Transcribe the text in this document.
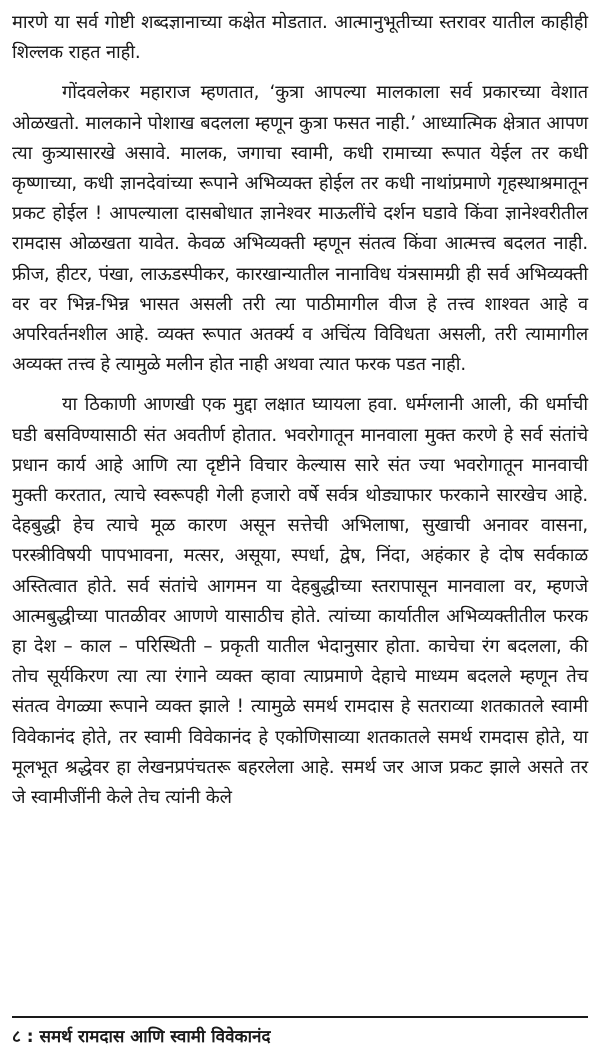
मारणे या सर्व गोष्टी शब्दज्ञानाच्या कक्षेत मोडतात. आत्मानुभूतीच्या स्तरावर यातील काहीही शिल्लक राहत नाही.

गोंदवलेकर महाराज म्हणतात, ‘कुत्रा आपल्या मालकाला सर्व प्रकारच्या वेशात ओळखतो. मालकाने पोशाख बदलला म्हणून कुत्रा फसत नाही.’ आध्यात्मिक क्षेत्रात आपण त्या कुत्र्यासारखे असावे. मालक, जगाचा स्वामी, कधी रामाच्या रूपात येईल तर कधी कृष्णाच्या, कधी ज्ञानदेवांच्या रूपाने अभिव्यक्त होईल तर कधी नाथांप्रमाणे गृहस्थाश्रमातून प्रकट होईल ! आपल्याला दासबोधात ज्ञानेश्वर माऊलींचे दर्शन घडावे किंवा ज्ञानेश्वरीतील रामदास ओळखता यावेत. केवळ अभिव्यक्ती म्हणून संतत्व किंवा आत्मत्त्व बदलत नाही. फ्रीज, हीटर, पंखा, लाऊडस्पीकर, कारखान्यातील नानाविध यंत्रसामग्री ही सर्व अभिव्यक्ती वर वर भिन्न-भिन्न भासत असली तरी त्या पाठीमागील वीज हे तत्त्व शाश्वत आहे व अपरिवर्तनशील आहे. व्यक्त रूपात अतर्क्य व अचिंत्य विविधता असली, तरी त्यामागील अव्यक्त तत्त्व हे त्यामुळे मलीन होत नाही अथवा त्यात फरक पडत नाही.

या ठिकाणी आणखी एक मुद्दा लक्षात घ्यायला हवा. धर्मग्लानी आली, की धर्माची घडी बसविण्यासाठी संत अवतीर्ण होतात. भवरोगातून मानवाला मुक्त करणे हे सर्व संतांचे प्रधान कार्य आहे आणि त्या दृष्टीने विचार केल्यास सारे संत ज्या भवरोगातून मानवाची मुक्ती करतात, त्याचे स्वरूपही गेली हजारो वर्षे सर्वत्र थोड्याफार फरकाने सारखेच आहे. देहबुद्धी हेच त्याचे मूळ कारण असून सत्तेची अभिलाषा, सुखाची अनावर वासना, परस्त्रीविषयी पापभावना, मत्सर, असूया, स्पर्धा, द्वेष, निंदा, अहंकार हे दोष सर्वकाळ अस्तित्वात होते. सर्व संतांचे आगमन या देहबुद्धीच्या स्तरापासून मानवाला वर, म्हणजे आत्मबुद्धीच्या पातळीवर आणणे यासाठीच होते. त्यांच्या कार्यातील अभिव्यक्तीतील फरक हा देश – काल – परिस्थिती – प्रकृती यातील भेदानुसार होता. काचेचा रंग बदलला, की तोच सूर्यकिरण त्या त्या रंगाने व्यक्त व्हावा त्याप्रमाणे देहाचे माध्यम बदलले म्हणून तेच संतत्व वेगळ्या रूपाने व्यक्त झाले ! त्यामुळे समर्थ रामदास हे सतराव्या शतकातले स्वामी विवेकानंद होते, तर स्वामी विवेकानंद हे एकोणिसाव्या शतकातले समर्थ रामदास होते, या मूलभूत श्रद्धेवर हा लेखनप्रपंचतरू बहरलेला आहे. समर्थ जर आज प्रकट झाले असते तर जे स्वामीजींनी केले तेच त्यांनी केले

८ : समर्थ रामदास आणि स्वामी विवेकानंद
